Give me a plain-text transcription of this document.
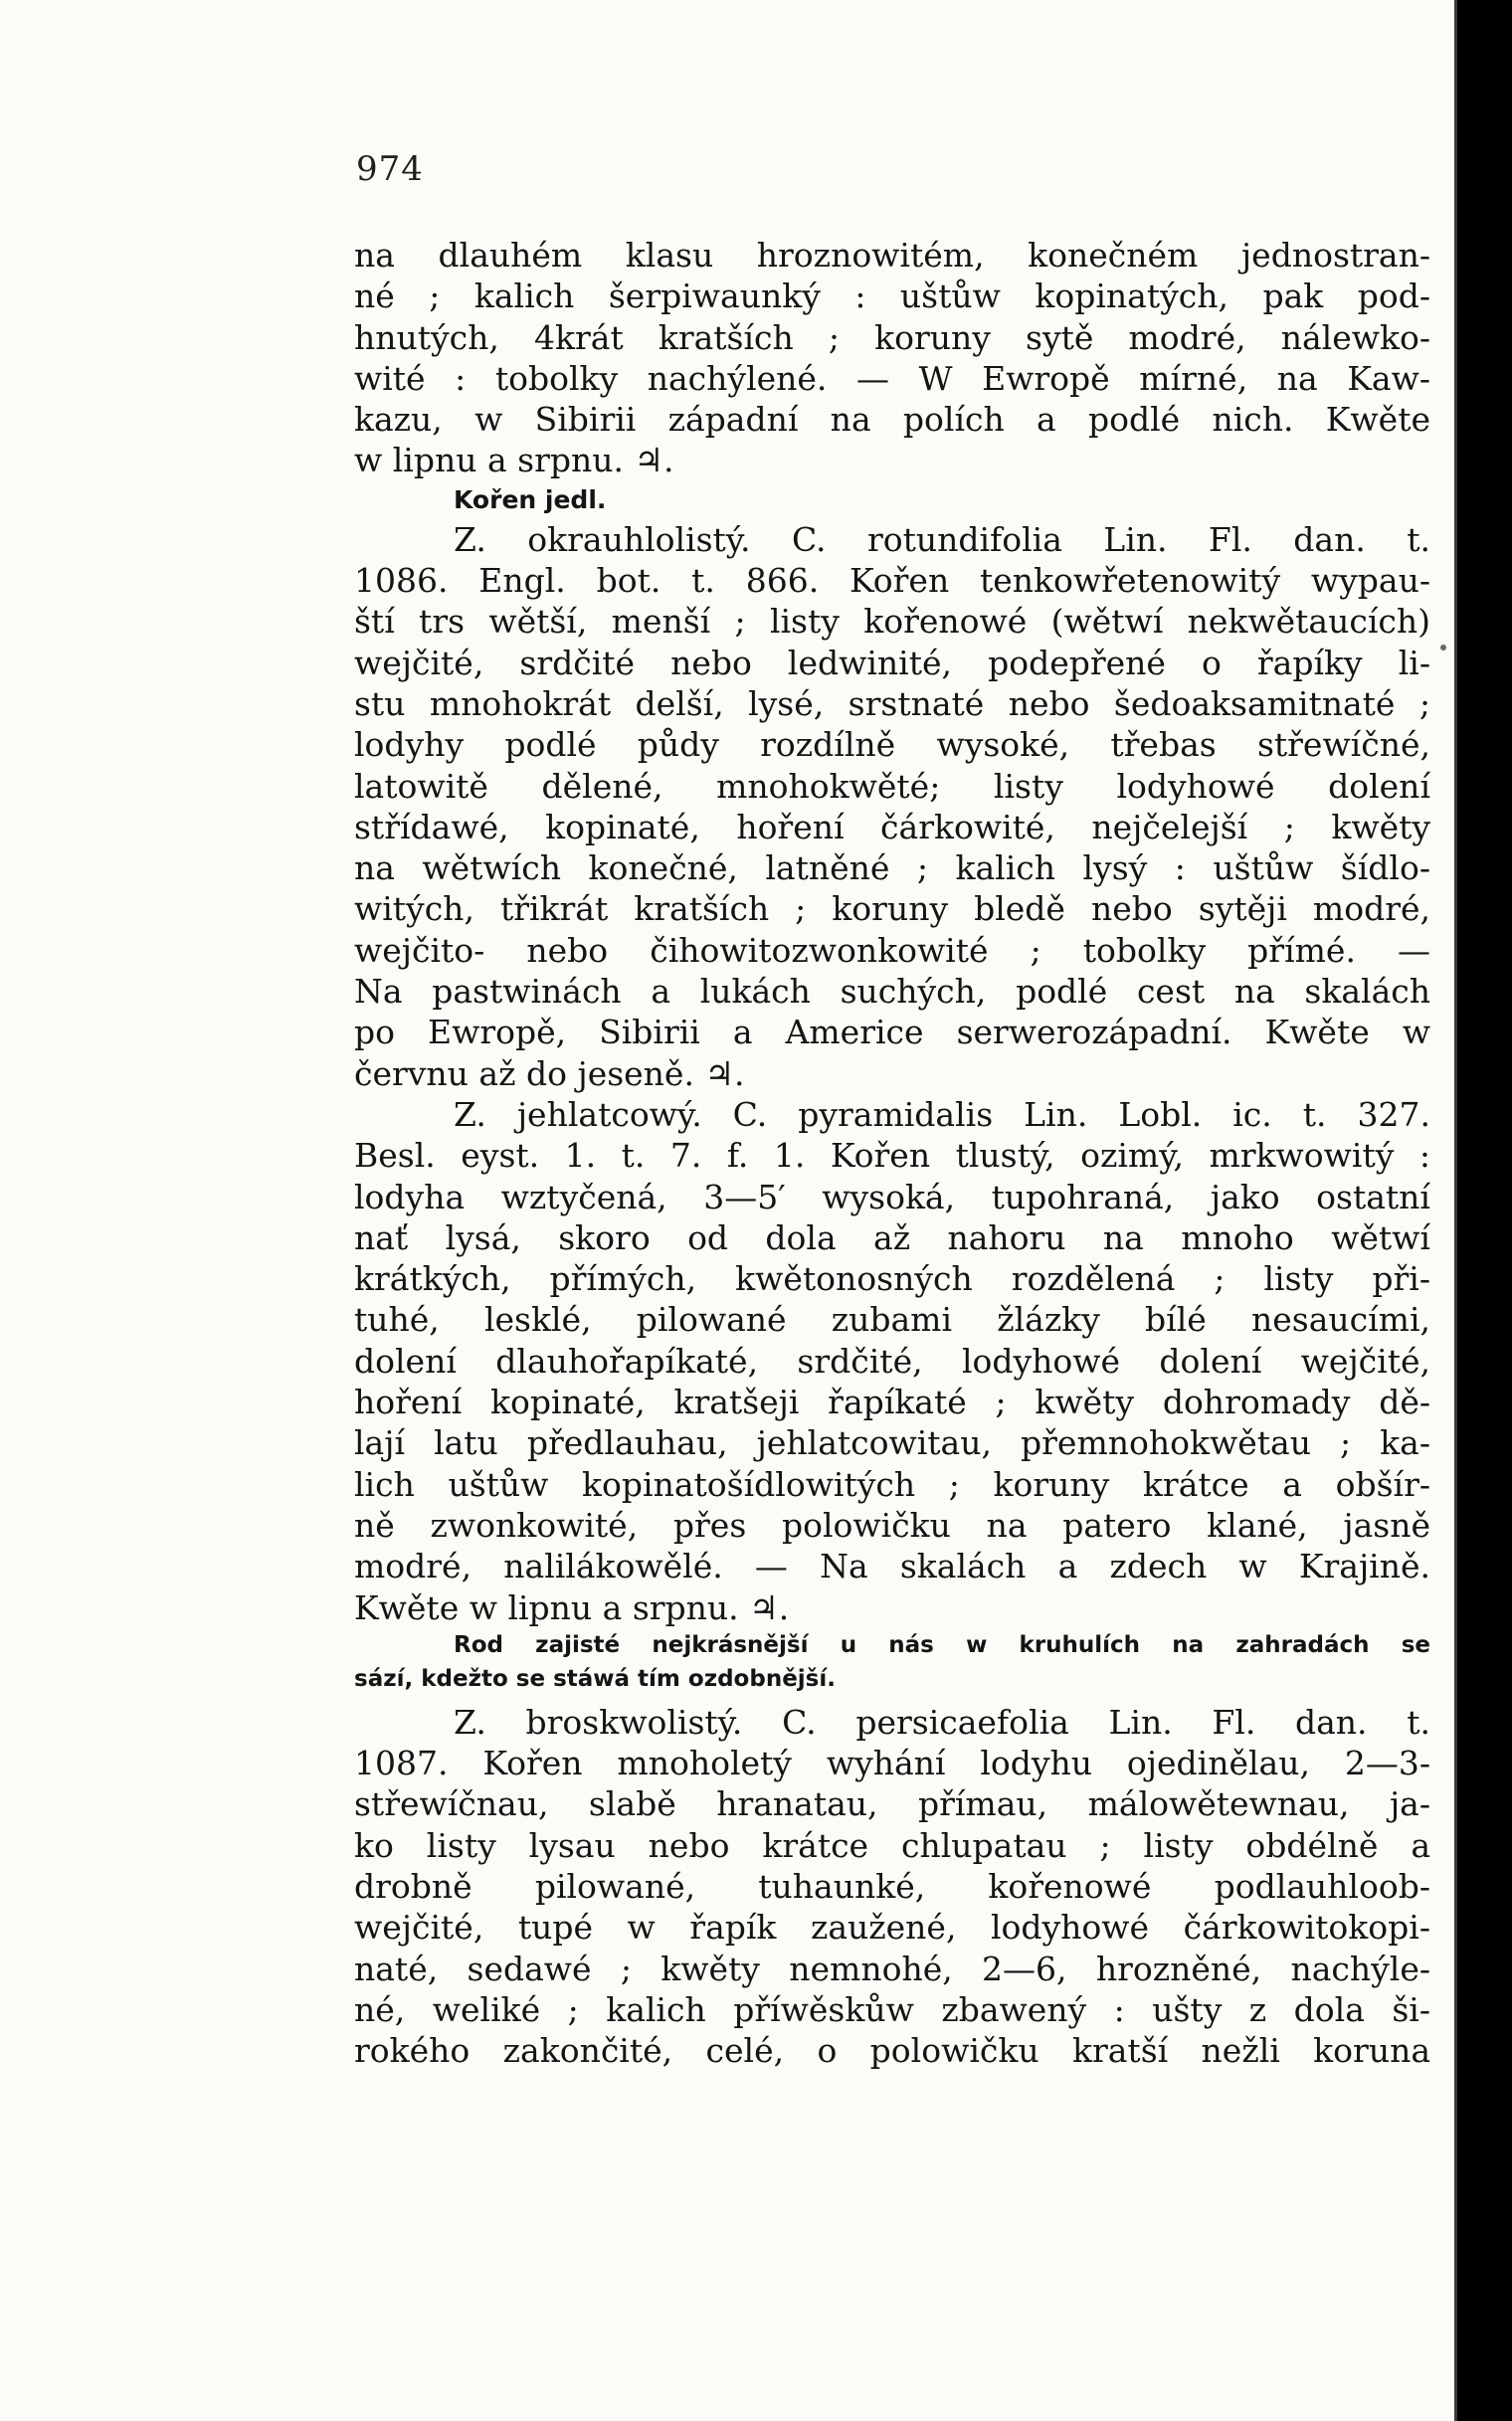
974
na dlauhém klasu hroznowitém, konečném jednostran-
né ; kalich šerpiwaunký : uštůw kopinatých, pak pod-
hnutých, 4krát kratších ; koruny sytě modré, nálewko-
wité : tobolky nachýlené. — W Ewropě mírné, na Kaw-
kazu, w Sibirii západní na polích a podlé nich. Kwěte
w lipnu a srpnu. ♃.
Kořen jedl.
Z. okrauhlolistý. C. rotundifolia Lin. Fl. dan. t.
1086. Engl. bot. t. 866. Kořen tenkowřetenowitý wypau-
ští trs wětší, menší ; listy kořenowé (wětwí nekwětaucích)
wejčité, srdčité nebo ledwinité, podepřené o řapíky li-
stu mnohokrát delší, lysé, srstnaté nebo šedoaksamitnaté ;
lodyhy podlé půdy rozdílně wysoké, třebas střewíčné,
latowitě dělené, mnohokwěté; listy lodyhowé dolení
střídawé, kopinaté, hoření čárkowité, nejčelejší ; kwěty
na wětwích konečné, latněné ; kalich lysý : uštůw šídlo-
witých, třikrát kratších ; koruny bledě nebo sytěji modré,
wejčito- nebo čihowitozwonkowité ; tobolky přímé. —
Na pastwinách a lukách suchých, podlé cest na skalách
po Ewropě, Sibirii a Americe serwerozápadní. Kwěte w
červnu až do jeseně. ♃.
Z. jehlatcowý. C. pyramidalis Lin. Lobl. ic. t. 327.
Besl. eyst. 1. t. 7. f. 1. Kořen tlustý, ozimý, mrkwowitý :
lodyha wztyčená, 3—5′ wysoká, tupohraná, jako ostatní
nať lysá, skoro od dola až nahoru na mnoho wětwí
krátkých, přímých, kwětonosných rozdělená ; listy při-
tuhé, lesklé, pilowané zubami žlázky bílé nesaucími,
dolení dlauhořapíkaté, srdčité, lodyhowé dolení wejčité,
hoření kopinaté, kratšeji řapíkaté ; kwěty dohromady dě-
lají latu předlauhau, jehlatcowitau, přemnohokwětau ; ka-
lich uštůw kopinatošídlowitých ; koruny krátce a obšír-
ně zwonkowité, přes polowičku na patero klané, jasně
modré, nalilákowělé. — Na skalách a zdech w Krajině.
Kwěte w lipnu a srpnu. ♃.
Rod zajisté nejkrásnější u nás w kruhulích na zahradách se
sází, kdežto se stáwá tím ozdobnější.
Z. broskwolistý. C. persicaefolia Lin. Fl. dan. t.
1087. Kořen mnoholetý wyhání lodyhu ojedinělau, 2—3-
střewíčnau, slabě hranatau, přímau, málowětewnau, ja-
ko listy lysau nebo krátce chlupatau ; listy obdélně a
drobně pilowané, tuhaunké, kořenowé podlauhloob-
wejčité, tupé w řapík zaužené, lodyhowé čárkowitokopi-
naté, sedawé ; kwěty nemnohé, 2—6, hrozněné, nachýle-
né, weliké ; kalich příwěskůw zbawený : ušty z dola ši-
rokého zakončité, celé, o polowičku kratší nežli koruna
